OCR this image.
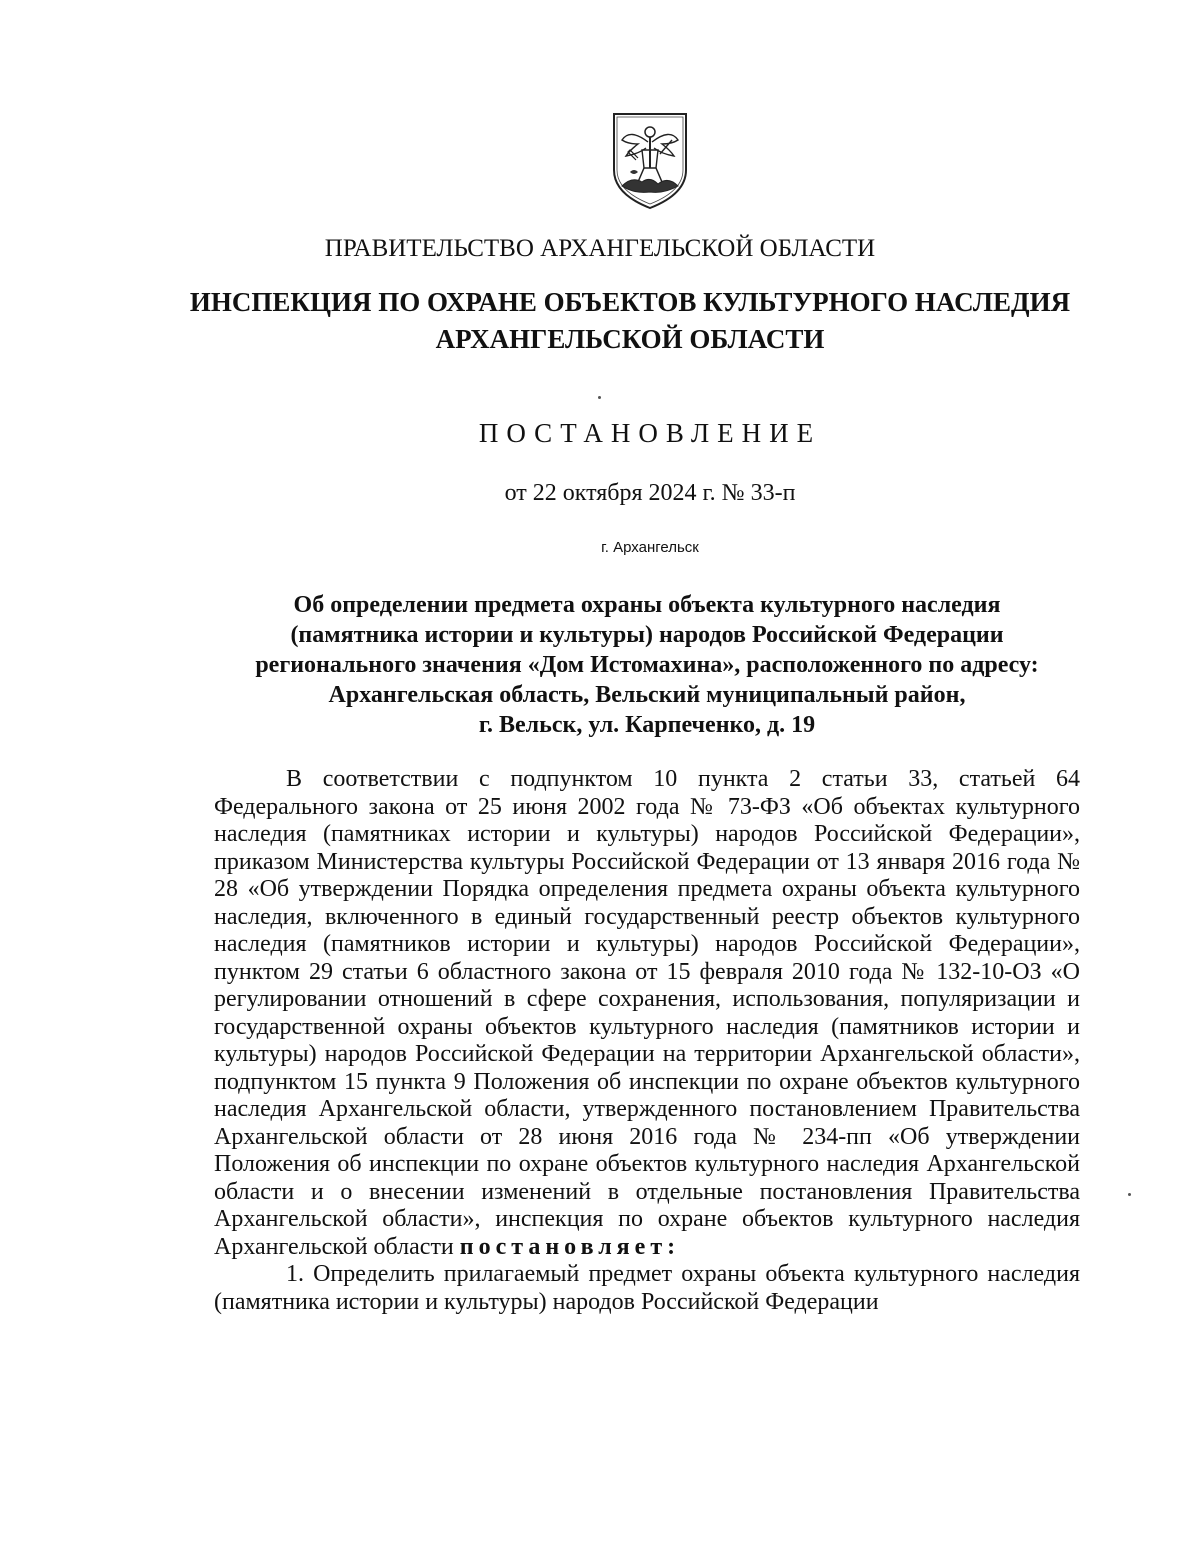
ПРАВИТЕЛЬСТВО АРХАНГЕЛЬСКОЙ ОБЛАСТИ
ИНСПЕКЦИЯ ПО ОХРАНЕ ОБЪЕКТОВ КУЛЬТУРНОГО НАСЛЕДИЯ
АРХАНГЕЛЬСКОЙ ОБЛАСТИ
ПОСТАНОВЛЕНИЕ
от 22 октября 2024 г. № 33-п
г. Архангельск
Об определении предмета охраны объекта культурного наследия
(памятника истории и культуры) народов Российской Федерации
регионального значения «Дом Истомахина», расположенного по адресу:
Архангельская область, Вельский муниципальный район,
г. Вельск, ул. Карпеченко, д. 19

В соответствии с подпунктом 10 пункта 2 статьи 33, статьей 64 Федерального закона от 25 июня 2002 года № 73-ФЗ «Об объектах культурного наследия (памятниках истории и культуры) народов Российской Федерации», приказом Министерства культуры Российской Федерации от 13 января 2016 года № 28 «Об утверждении Порядка определения предмета охраны объекта культурного наследия, включенного в единый государственный реестр объектов культурного наследия (памятников истории и культуры) народов Российской Федерации», пунктом 29 статьи 6 областного закона от 15 февраля 2010 года № 132-10-ОЗ «О регулировании отношений в сфере сохранения, использования, популяризации и государственной охраны объектов культурного наследия (памятников истории и культуры) народов Российской Федерации на территории Архангельской области», подпунктом 15 пункта 9 Положения об инспекции по охране объектов культурного наследия Архангельской области, утвержденного постановлением Правительства Архангельской области от 28 июня 2016 года № 234-пп «Об утверждении Положения об инспекции по охране объектов культурного наследия Архангельской области и о внесении изменений в отдельные постановления Правительства Архангельской области», инспекция по охране объектов культурного наследия Архангельской области постановляет:

1. Определить прилагаемый предмет охраны объекта культурного наследия (памятника истории и культуры) народов Российской Федерации
